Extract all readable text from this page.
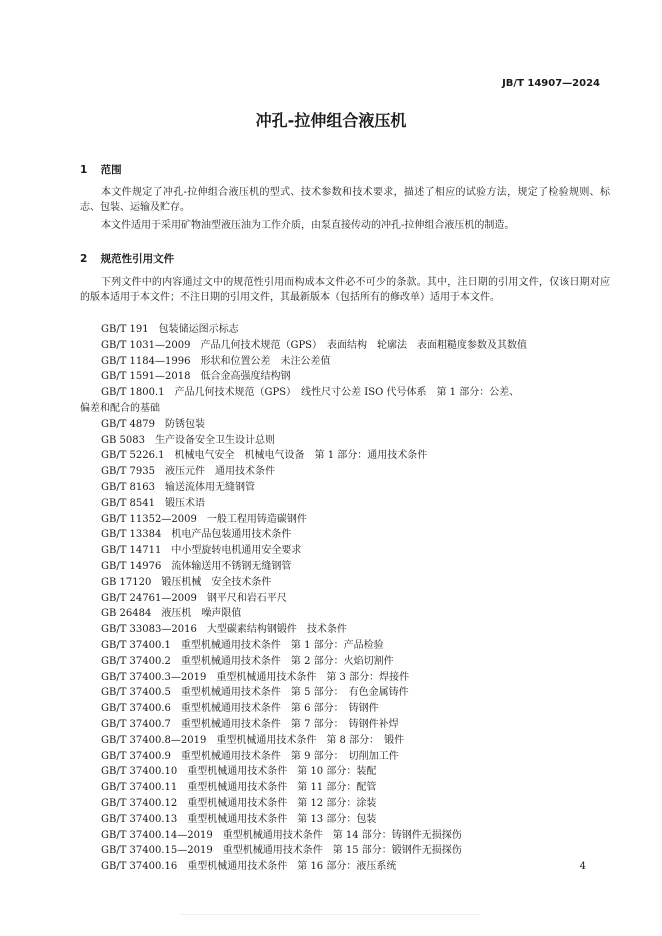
JB/T 14907—2024
冲孔-拉伸组合液压机
1 范围
本文件规定了冲孔-拉伸组合液压机的型式、技术参数和技术要求，描述了相应的试验方法，规定了检验规则、标志、包装、运输及贮存。
本文件适用于采用矿物油型液压油为工作介质，由泵直接传动的冲孔-拉伸组合液压机的制造。
2 规范性引用文件
下列文件中的内容通过文中的规范性引用而构成本文件必不可少的条款。其中，注日期的引用文件，仅该日期对应的版本适用于本文件；不注日期的引用文件，其最新版本（包括所有的修改单）适用于本文件。
GB/T 191　包装储运图示标志
GB/T 1031—2009　产品几何技术规范（GPS）　表面结构　轮廓法　表面粗糙度参数及其数值
GB/T 1184—1996　形状和位置公差　未注公差值
GB/T 1591—2018　低合金高强度结构钢
GB/T 1800.1　产品几何技术规范（GPS）　线性尺寸公差 ISO 代号体系　第 1 部分：公差、
偏差和配合的基础
GB/T 4879　防锈包装
GB 5083　生产设备安全卫生设计总则
GB/T 5226.1　机械电气安全　机械电气设备　第 1 部分：通用技术条件
GB/T 7935　液压元件　通用技术条件
GB/T 8163　输送流体用无缝钢管
GB/T 8541　锻压术语
GB/T 11352—2009　一般工程用铸造碳钢件
GB/T 13384　机电产品包装通用技术条件
GB/T 14711　中小型旋转电机通用安全要求
GB/T 14976　流体输送用不锈钢无缝钢管
GB 17120　锻压机械　安全技术条件
GB/T 24761—2009　钢平尺和岩石平尺
GB 26484　液压机　噪声限值
GB/T 33083—2016　大型碳素结构钢锻件　技术条件
GB/T 37400.1　重型机械通用技术条件　第 1 部分：产品检验
GB/T 37400.2　重型机械通用技术条件　第 2 部分：火焰切割件
GB/T 37400.3—2019　重型机械通用技术条件　第 3 部分：焊接件
GB/T 37400.5　重型机械通用技术条件　第 5 部分：　有色金属铸件
GB/T 37400.6　重型机械通用技术条件　第 6 部分：　铸钢件
GB/T 37400.7　重型机械通用技术条件　第 7 部分：　铸钢件补焊
GB/T 37400.8—2019　重型机械通用技术条件　第 8 部分：　锻件
GB/T 37400.9　重型机械通用技术条件　第 9 部分：　切削加工件
GB/T 37400.10　重型机械通用技术条件　第 10 部分：装配
GB/T 37400.11　重型机械通用技术条件　第 11 部分：配管
GB/T 37400.12　重型机械通用技术条件　第 12 部分：涂装
GB/T 37400.13　重型机械通用技术条件　第 13 部分：包装
GB/T 37400.14—2019　重型机械通用技术条件　第 14 部分：铸钢件无损探伤
GB/T 37400.15—2019　重型机械通用技术条件　第 15 部分：锻钢件无损探伤
GB/T 37400.16　重型机械通用技术条件　第 16 部分：液压系统	4
